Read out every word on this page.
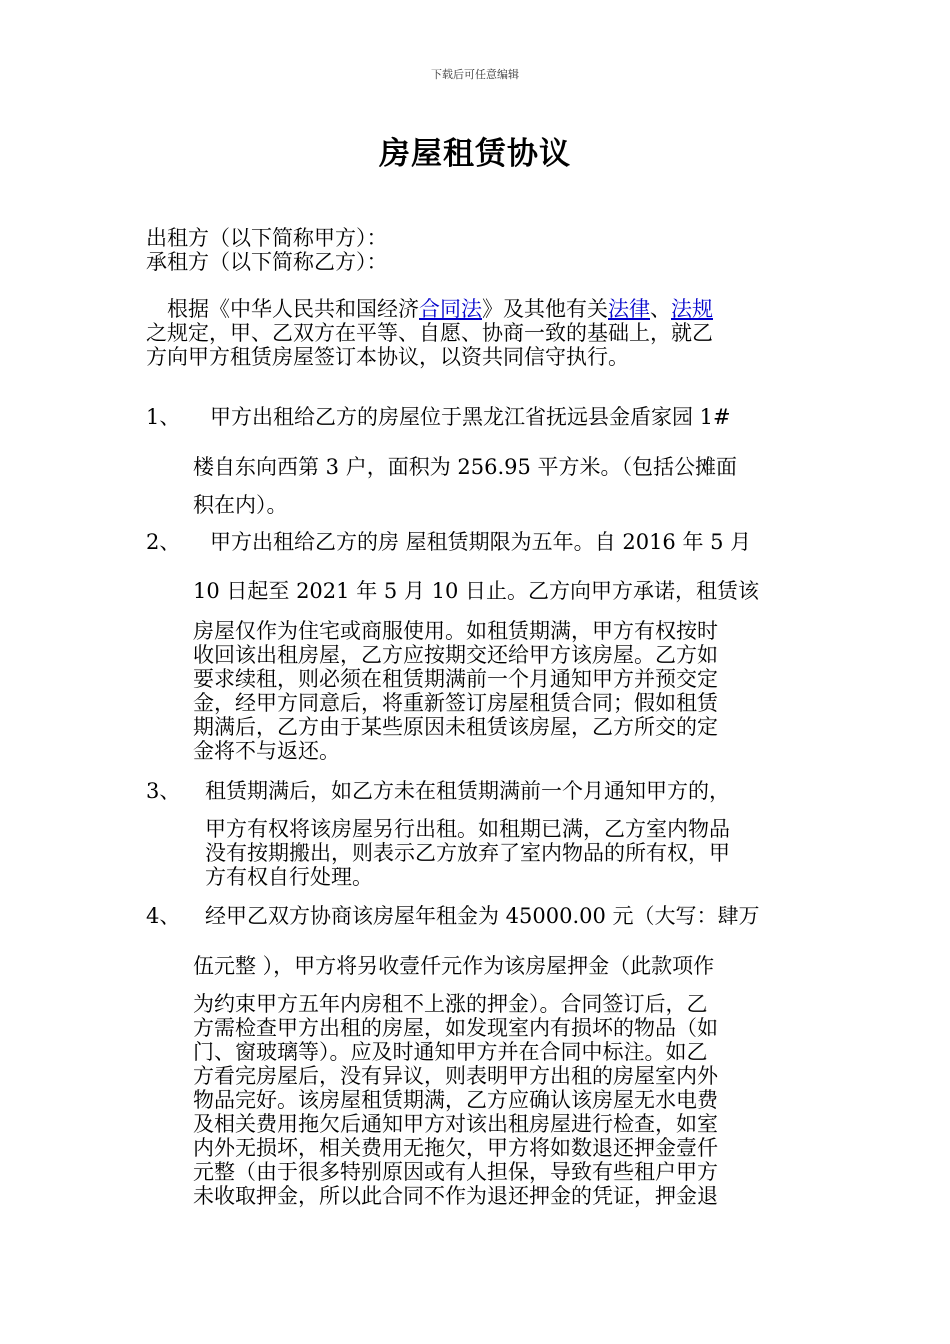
下载后可任意编辑
房屋租赁协议
出租方（以下简称甲方）：
承租方（以下简称乙方）：
　根据《中华人民共和国经济合同法》及其他有关法律、法规
之规定，甲、乙双方在平等、自愿、协商一致的基础上，就乙
方向甲方租赁房屋签订本协议，以资共同信守执行。
1、 甲方出租给乙方的房屋位于黑龙江省抚远县金盾家园 1#
楼自东向西第 3 户，面积为 256.95 平方米。（包括公摊面
积在内）。
2、 甲方出租给乙方的房 屋租赁期限为五年。自 2016 年 5 月
10 日起至 2021 年 5 月 10 日止。乙方向甲方承诺，租赁该
房屋仅作为住宅或商服使用。如租赁期满，甲方有权按时
收回该出租房屋，乙方应按期交还给甲方该房屋。乙方如
要求续租，则必须在租赁期满前一个月通知甲方并预交定
金，经甲方同意后，将重新签订房屋租赁合同；假如租赁
期满后，乙方由于某些原因未租赁该房屋，乙方所交的定
金将不与返还。
3、 租赁期满后，如乙方未在租赁期满前一个月通知甲方的，
甲方有权将该房屋另行出租。如租期已满，乙方室内物品
没有按期搬出，则表示乙方放弃了室内物品的所有权，甲
方有权自行处理。
4、 经甲乙双方协商该房屋年租金为 45000.00 元（大写：肆万
伍元整 ），甲方将另收壹仟元作为该房屋押金（此款项作
为约束甲方五年内房租不上涨的押金）。合同签订后，乙
方需检查甲方出租的房屋，如发现室内有损坏的物品（如
门、窗玻璃等）。应及时通知甲方并在合同中标注。如乙
方看完房屋后，没有异议，则表明甲方出租的房屋室内外
物品完好。该房屋租赁期满，乙方应确认该房屋无水电费
及相关费用拖欠后通知甲方对该出租房屋进行检查，如室
内外无损坏，相关费用无拖欠，甲方将如数退还押金壹仟
元整（由于很多特别原因或有人担保，导致有些租户甲方
未收取押金，所以此合同不作为退还押金的凭证，押金退
